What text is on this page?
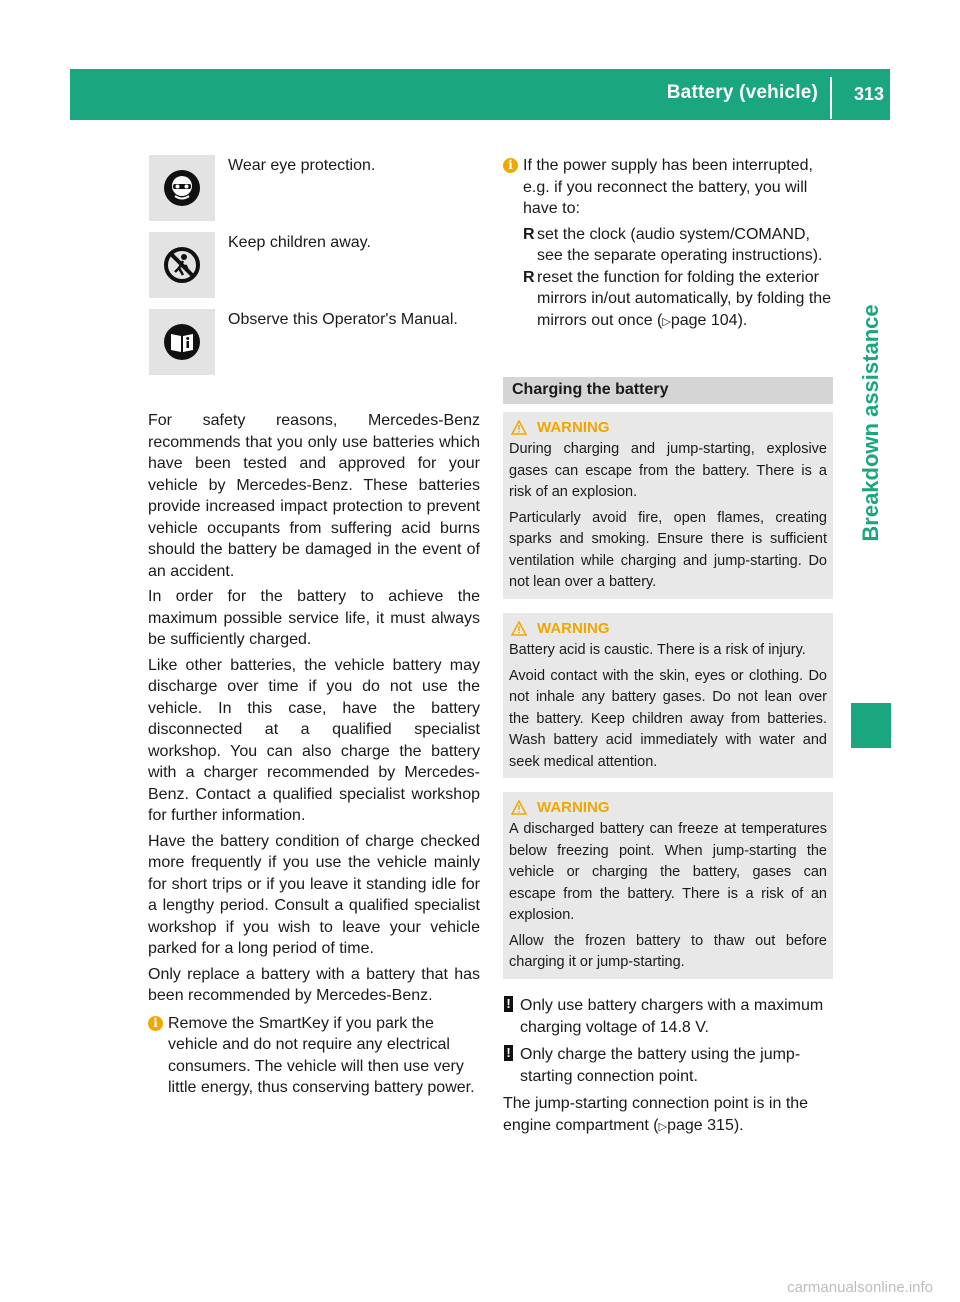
Battery (vehicle) 313
Breakdown assistance
Wear eye protection.
Keep children away.
Observe this Operator's Manual.

For safety reasons, Mercedes-Benz recommends that you only use batteries which have been tested and approved for your vehicle by Mercedes-Benz. These batteries provide increased impact protection to prevent vehicle occupants from suffering acid burns should the battery be damaged in the event of an accident.

In order for the battery to achieve the maximum possible service life, it must always be sufficiently charged.

Like other batteries, the vehicle battery may discharge over time if you do not use the vehicle. In this case, have the battery disconnected at a qualified specialist workshop. You can also charge the battery with a charger recommended by Mercedes-Benz. Contact a qualified specialist workshop for further information.

Have the battery condition of charge checked more frequently if you use the vehicle mainly for short trips or if you leave it standing idle for a lengthy period. Consult a qualified specialist workshop if you wish to leave your vehicle parked for a long period of time.

Only replace a battery with a battery that has been recommended by Mercedes-Benz.

i Remove the SmartKey if you park the vehicle and do not require any electrical consumers. The vehicle will then use very little energy, thus conserving battery power.

i If the power supply has been interrupted, e.g. if you reconnect the battery, you will have to:

R set the clock (audio system/COMAND, see the separate operating instructions).

R reset the function for folding the exterior mirrors in/out automatically, by folding the mirrors out once ( ▷ page 104).

Charging the battery
WARNING

During charging and jump-starting, explosive gases can escape from the battery. There is a risk of an explosion.

Particularly avoid fire, open flames, creating sparks and smoking. Ensure there is sufficient ventilation while charging and jump-starting. Do not lean over a battery.

WARNING

Battery acid is caustic. There is a risk of injury.

Avoid contact with the skin, eyes or clothing. Do not inhale any battery gases. Do not lean over the battery. Keep children away from batteries. Wash battery acid immediately with water and seek medical attention.

WARNING

A discharged battery can freeze at temperatures below freezing point. When jump-starting the vehicle or charging the battery, gases can escape from the battery. There is a risk of an explosion.

Allow the frozen battery to thaw out before charging it or jump-starting.

! Only use battery chargers with a maximum charging voltage of 14.8 V.

! Only charge the battery using the jump-starting connection point.

The jump-starting connection point is in the engine compartment ( ▷ page 315).

carmanualsonline.info
